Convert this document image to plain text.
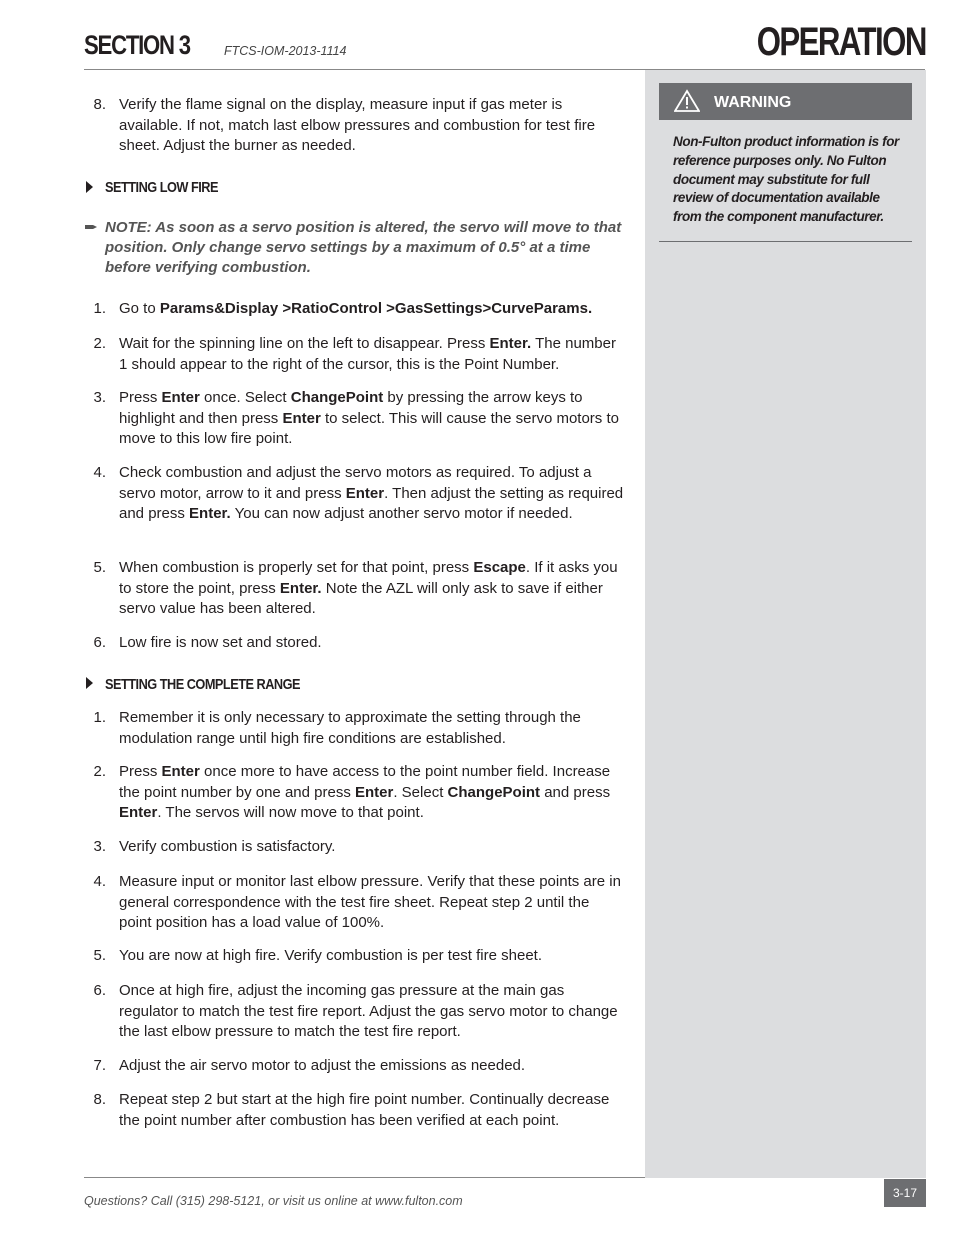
SECTION 3	FTCS-IOM-2013-1114	OPERATION
WARNING
Non-Fulton product information is for reference purposes only. No Fulton document may substitute for full review of documentation available from the component manufacturer.
8. Verify the flame signal on the display, measure input if gas meter is available. If not, match last elbow pressures and combustion for test fire sheet. Adjust the burner as needed.
SETTING LOW FIRE
NOTE: As soon as a servo position is altered, the servo will move to that position. Only change servo settings by a maximum of 0.5° at a time before verifying combustion.
1. Go to Params&Display >RatioControl >GasSettings>CurveParams.
2. Wait for the spinning line on the left to disappear. Press Enter. The number 1 should appear to the right of the cursor, this is the Point Number.
3. Press Enter once. Select ChangePoint by pressing the arrow keys to highlight and then press Enter to select. This will cause the servo motors to move to this low fire point.
4. Check combustion and adjust the servo motors as required. To adjust a servo motor, arrow to it and press Enter. Then adjust the setting as required and press Enter. You can now adjust another servo motor if needed.
5. When combustion is properly set for that point, press Escape. If it asks you to store the point, press Enter. Note the AZL will only ask to save if either servo value has been altered.
6. Low fire is now set and stored.
SETTING THE COMPLETE RANGE
1. Remember it is only necessary to approximate the setting through the modulation range until high fire conditions are established.
2. Press Enter once more to have access to the point number field. Increase the point number by one and press Enter. Select ChangePoint and press Enter. The servos will now move to that point.
3. Verify combustion is satisfactory.
4. Measure input or monitor last elbow pressure. Verify that these points are in general correspondence with the test fire sheet. Repeat step 2 until the point position has a load value of 100%.
5. You are now at high fire. Verify combustion is per test fire sheet.
6. Once at high fire, adjust the incoming gas pressure at the main gas regulator to match the test fire report. Adjust the gas servo motor to change the last elbow pressure to match the test fire report.
7. Adjust the air servo motor to adjust the emissions as needed.
8. Repeat step 2 but start at the high fire point number. Continually decrease the point number after combustion has been verified at each point.
Questions? Call (315) 298-5121, or visit us online at www.fulton.com
3-17
